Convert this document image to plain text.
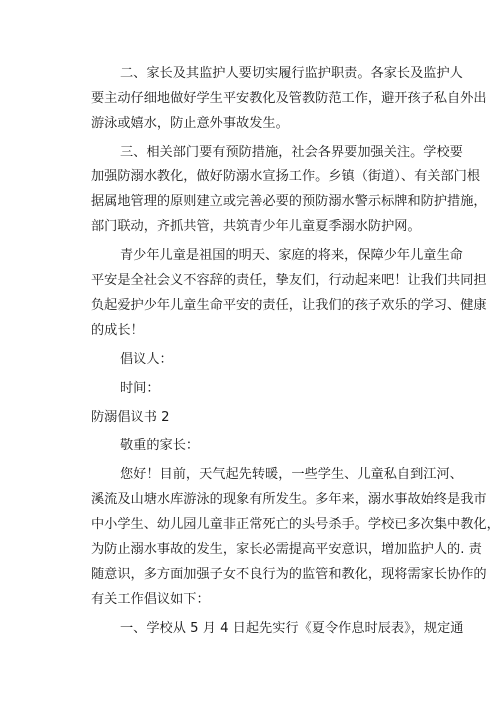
二、家长及其监护人要切实履行监护职责。各家长及监护人
要主动仔细地做好学生平安教化及管教防范工作，避开孩子私自外出
游泳或嬉水，防止意外事故发生。
三、相关部门要有预防措施，社会各界要加强关注。学校要
加强防溺水教化，做好防溺水宣扬工作。乡镇（街道）、有关部门根
据属地管理的原则建立或完善必要的预防溺水警示标牌和防护措施，
部门联动，齐抓共管，共筑青少年儿童夏季溺水防护网。
青少年儿童是祖国的明天、家庭的将来，保障少年儿童生命
平安是全社会义不容辞的责任，挚友们，行动起来吧！让我们共同担
负起爱护少年儿童生命平安的责任，让我们的孩子欢乐的学习、健康
的成长！
倡议人：
时间：
防溺倡议书 2
敬重的家长：
您好！目前，天气起先转暖，一些学生、儿童私自到江河、
溪流及山塘水库游泳的现象有所发生。多年来，溺水事故始终是我市
中小学生、幼儿园儿童非正常死亡的头号杀手。学校已多次集中教化，
为防止溺水事故的发生，家长必需提高平安意识，增加监护人的. 责
随意识，多方面加强子女不良行为的监管和教化，现将需家长协作的
有关工作倡议如下：
一、学校从 5 月 4 日起先实行《夏令作息时辰表》，规定通
